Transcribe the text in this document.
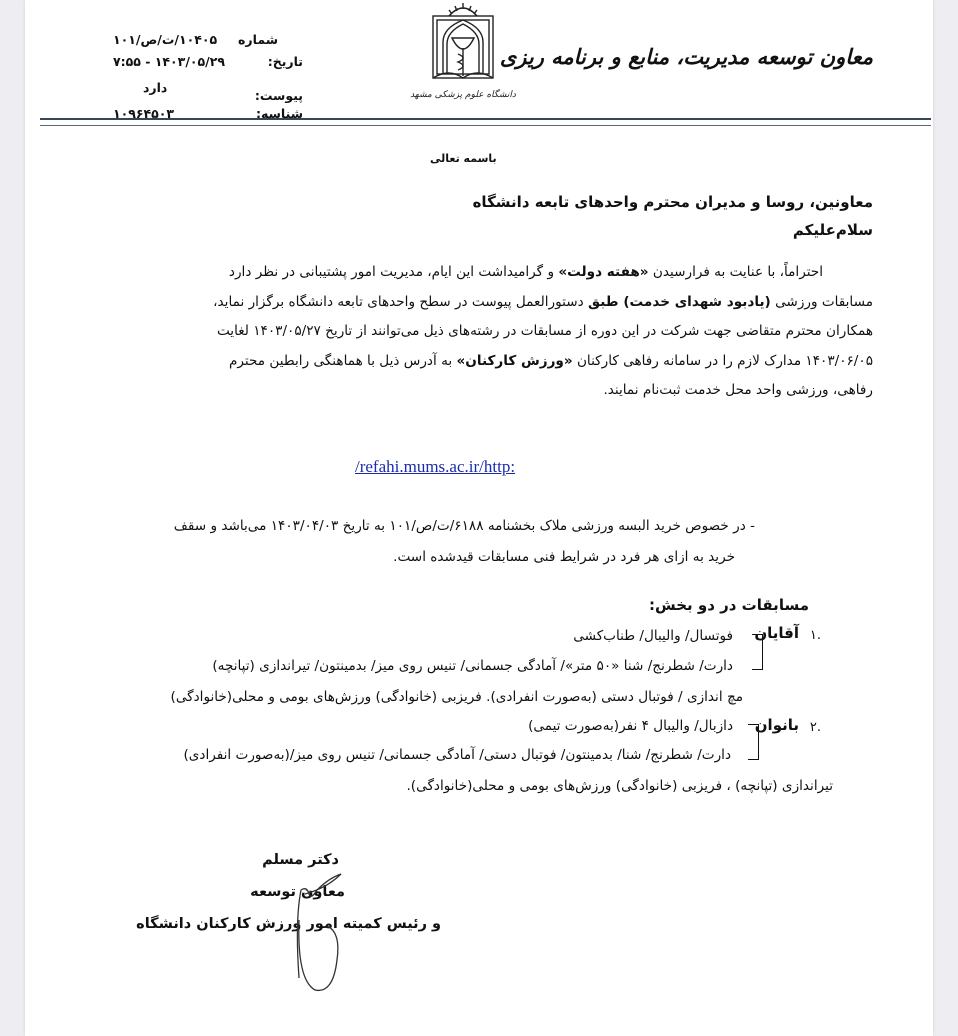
معاون توسعه مدیریت، منابع و برنامه ریزی
دانشگاه علوم پزشکی مشهد
شماره
۱۰۴۰۵/ت/ص/۱۰۱
تاریخ:
۱۴۰۳/۰۵/۲۹ - ۷:۵۵
پیوست:
دارد
شناسه:
۱۰۹۶۴۵۰۳
باسمه تعالی
معاونین، روسا و مدیران محترم واحدهای تابعه دانشگاه
سلام‌علیکم
احتراماً، با عنایت به فرارسیدن «هفته دولت» و گرامیداشت این ایام، مدیریت امور پشتیبانی در نظر دارد
مسابقات ورزشی (یادبود شهدای خدمت) طبق دستورالعمل پیوست در سطح واحدهای تابعه دانشگاه برگزار نماید،
همکاران محترم متقاضی جهت شرکت در این دوره از مسابقات در رشته‌های ذیل می‌توانند از تاریخ ۱۴۰۳/۰۵/۲۷ لغایت
۱۴۰۳/۰۶/۰۵ مدارک لازم را در سامانه رفاهی کارکنان «ورزش کارکنان» به آدرس ذیل با هماهنگی رابطین محترم
رفاهی، ورزشی واحد محل خدمت ثبت‌نام نمایند.
/refahi.mums.ac.ir/http:
- در خصوص خرید البسه ورزشی ملاک بخشنامه ۶۱۸۸/ت/ص/۱۰۱ به تاریخ ۱۴۰۳/۰۴/۰۳ می‌باشد و سقف
خرید به ازای هر فرد در شرایط فنی مسابقات قیدشده است.
مسابقات در دو بخش:
۱.
آقایان
فوتسال/ والیبال/ طناب‌کشی
دارت/ شطرنج/ شنا «۵۰ متر»/ آمادگی جسمانی/ تنیس روی میز/ بدمینتون/ تیراندازی (تپانچه)
مچ اندازی / فوتبال دستی (به‌صورت انفرادی). فریزبی (خانوادگی) ورزش‌های بومی و محلی(خانوادگی)
۲.
بانوان
دازبال/ والیبال ۴ نفر(به‌صورت تیمی)
دارت/ شطرنج/ شنا/ بدمینتون/ فوتبال دستی/ آمادگی جسمانی/ تنیس روی میز/(به‌صورت انفرادی)
تیراندازی (تپانچه) ، فریزبی (خانوادگی) ورزش‌های بومی و محلی(خانوادگی).
دکتر مسلم
معاون توسعه
و رئیس کمیته امور ورزش کارکنان دانشگاه
